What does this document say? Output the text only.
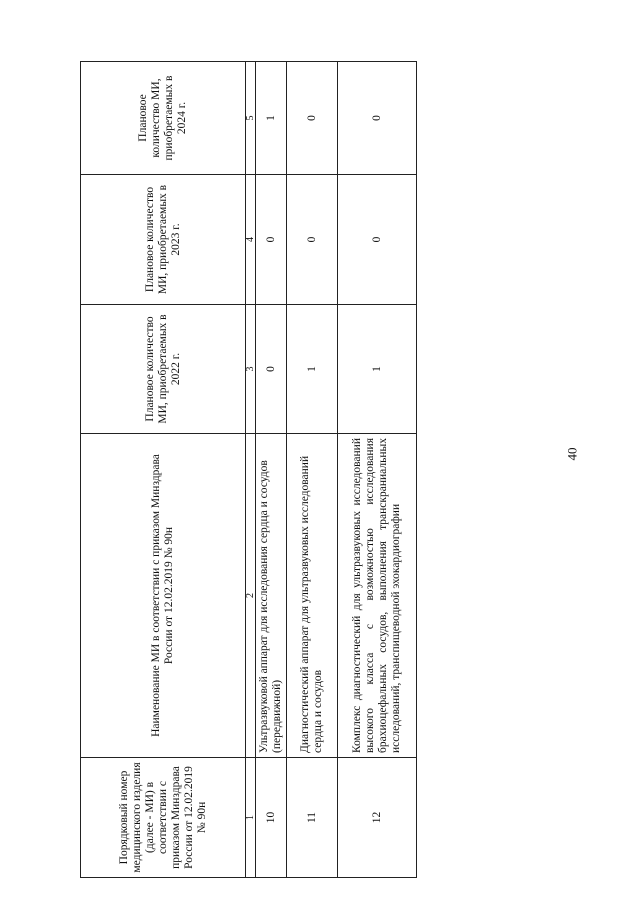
Порядковый номер медицинского изделия (далее - МИ) в соответствии с приказом Минздрава России от 12.02.2019 № 90н	Наименование МИ в соответствии с приказом Минздрава России от 12.02.2019 № 90н	Плановое количество МИ, приобретаемых в 2022 г.	Плановое количество МИ, приобретаемых в 2023 г.	Плановое количество МИ, приобретаемых в 2024 г.
1	2	3	4	5
10	Ультразвуковой аппарат для исследования сердца и сосудов (передвижной)	0	0	1
11	Диагностический аппарат для ультразвуковых исследований сердца и сосудов	1	0	0
12	Комплекс диагностический для ультразвуковых исследований высокого класса с возможностью исследования брахиоцефальных сосудов, выполнения транскраниальных исследований, транспищеводной эхокардиографии	1	0	0
40
